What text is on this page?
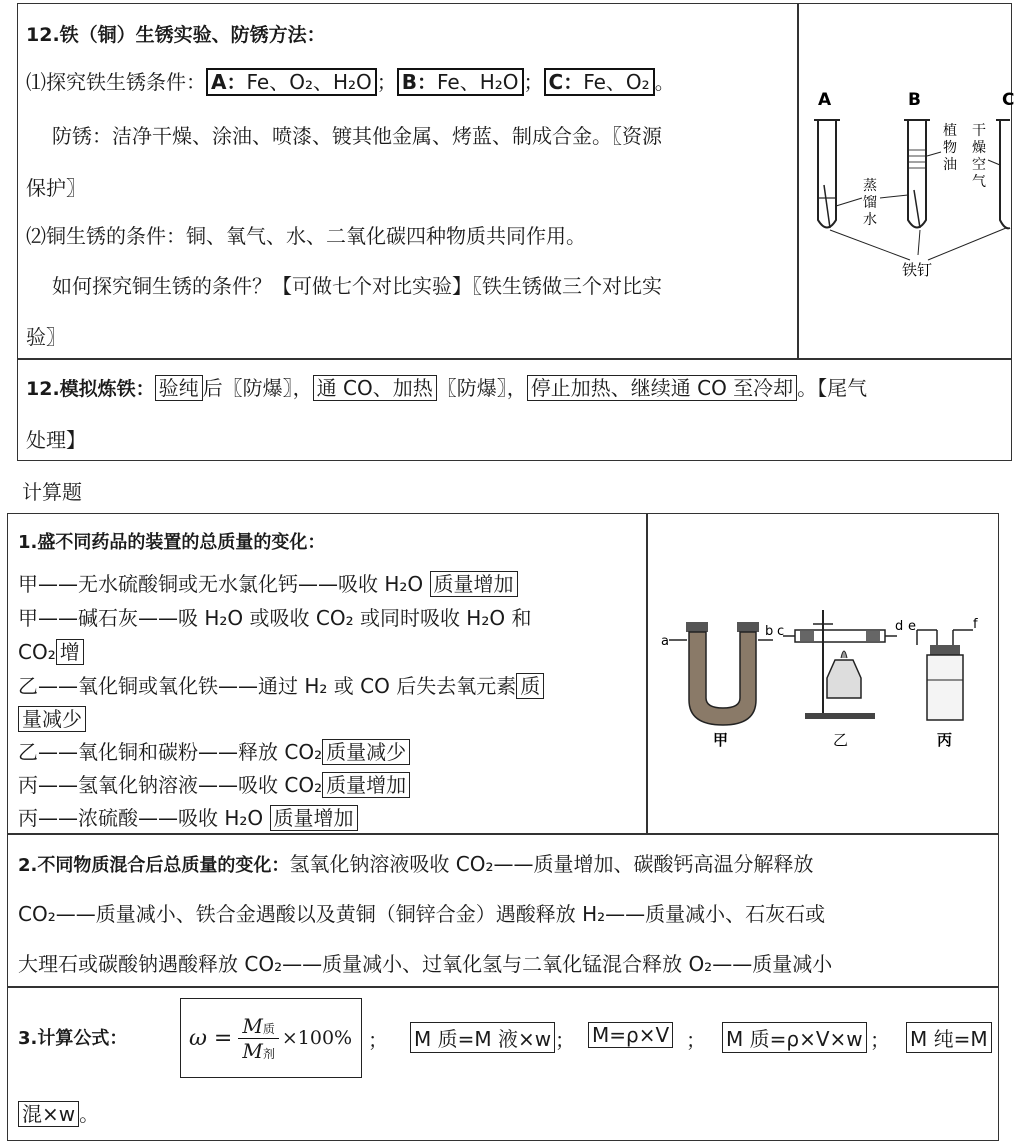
12.铁（铜）生锈实验、防锈方法：
⑴探究铁生锈条件： A：Fe、O₂、H₂O ； B：Fe、H₂O ； C：Fe、O₂ 。
防锈：洁净干燥、涂油、喷漆、镀其他金属、烤蓝、制成合金。〖资源
保护〗
⑵铜生锈的条件：铜、氧气、水、二氧化碳四种物质共同作用。
如何探究铜生锈的条件？【可做七个对比实验】〖铁生锈做三个对比实
验〗
A	B	C
植
物
油
干
燥
空
气
蒸
馏
水
铁钉
12.模拟炼铁： 验纯 后〖防爆〗， 通 CO、加热 〖防爆〗， 停止加热、继续通 CO 至冷却 。【尾气
处理】
计算题
1.盛不同药品的装置的总质量的变化：
甲——无水硫酸铜或无水氯化钙——吸收 H₂O 质量增加
甲——碱石灰——吸 H₂O 或吸收 CO₂ 或同时吸收 H₂O 和
CO₂ 增
乙——氧化铜或氧化铁——通过 H₂ 或 CO 后失去氧元素 质
量减少
乙——氧化铜和碳粉——释放 CO₂ 质量减少
丙——氢氧化钠溶液——吸收 CO₂ 质量增加
丙——浓硫酸——吸收 H₂O 质量增加
a
b
甲
c	d
乙
e	f
丙
2.不同物质混合后总质量的变化：氢氧化钠溶液吸收 CO₂——质量增加、碳酸钙高温分解释放
CO₂——质量减小、铁合金遇酸以及黄铜（铜锌合金）遇酸释放 H₂——质量减小、石灰石或
大理石或碳酸钠遇酸释放 CO₂——质量减小、过氧化氢与二氧化锰混合释放 O₂——质量减小
3.计算公式：	$\omega = \frac{\text{M质}}{\text{M剂}} \times 100\%$ ； M 质=M 液×w ； M=ρ×V ； M 质=ρ×V×w ； M 纯=M
混×w 。
